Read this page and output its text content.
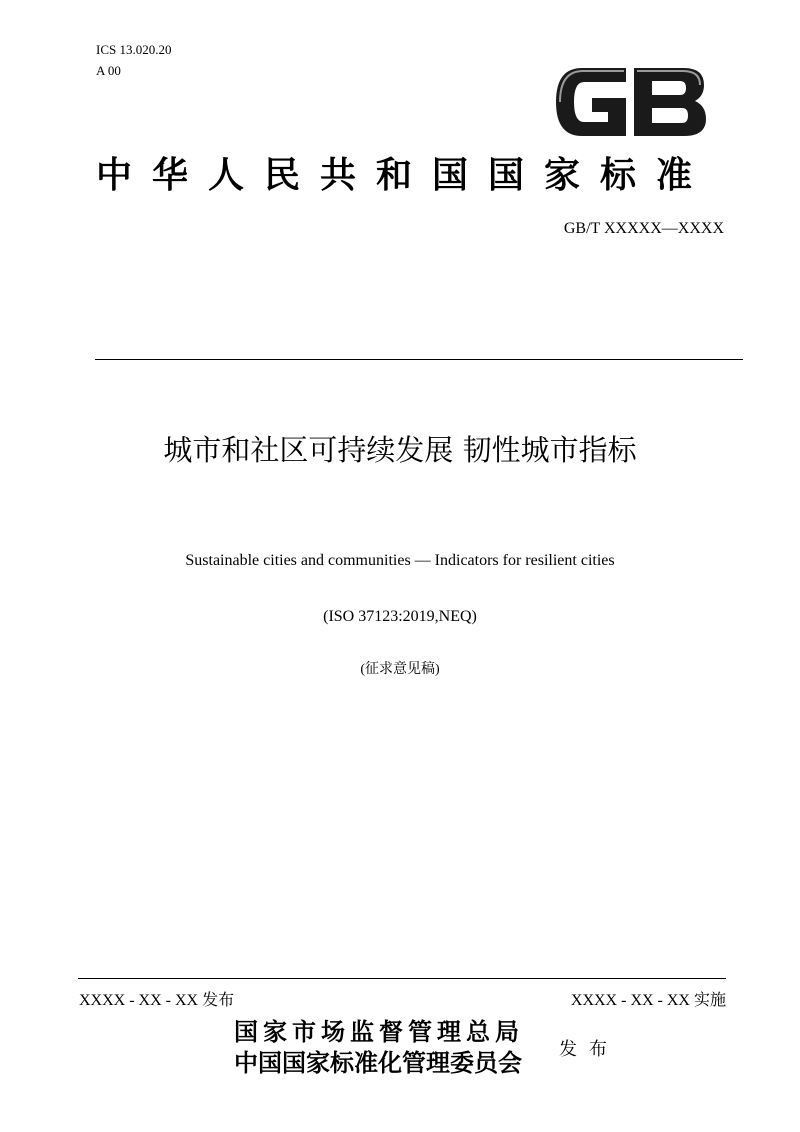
ICS 13.020.20
A 00
中华人民共和国国家标准
GB/T XXXXX—XXXX
城市和社区可持续发展 韧性城市指标
Sustainable cities and communities — Indicators for resilient cities
(ISO 37123:2019,NEQ)
(征求意见稿)
XXXX - XX - XX 发布	XXXX - XX - XX 实施
国家市场监督管理总局
中国国家标准化管理委员会 发布
